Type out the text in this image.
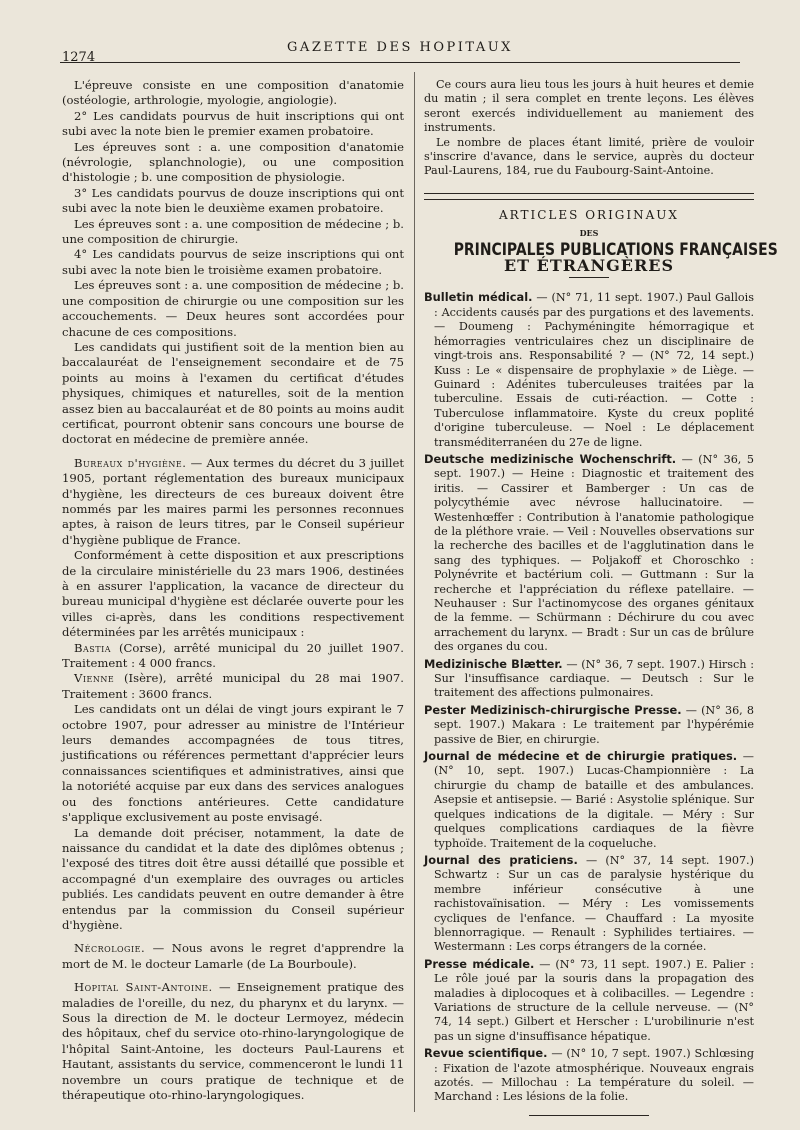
1274
GAZETTE DES HOPITAUX

L'épreuve consiste en une composition d'anatomie (ostéologie, arthrologie, myologie, angiologie).

2° Les candidats pourvus de huit inscriptions qui ont subi avec la note bien le premier examen probatoire.

Les épreuves sont : a. une composition d'anatomie (névrologie, splanchnologie), ou une composition d'histologie ; b. une composition de physiologie.

3° Les candidats pourvus de douze inscriptions qui ont subi avec la note bien le deuxième examen probatoire.

Les épreuves sont : a. une composition de médecine ; b. une composition de chirurgie.

4° Les candidats pourvus de seize inscriptions qui ont subi avec la note bien le troisième examen probatoire.

Les épreuves sont : a. une composition de médecine ; b. une composition de chirurgie ou une composition sur les accouchements. — Deux heures sont accordées pour chacune de ces compositions.

Les candidats qui justifient soit de la mention bien au baccalauréat de l'enseignement secondaire et de 75 points au moins à l'examen du certificat d'études physiques, chimiques et naturelles, soit de la mention assez bien au baccalauréat et de 80 points au moins audit certificat, pourront obtenir sans concours une bourse de doctorat en médecine de première année.

Bureaux d'hygiène. — Aux termes du décret du 3 juillet 1905, portant réglementation des bureaux municipaux d'hygiène, les directeurs de ces bureaux doivent être nommés par les maires parmi les personnes reconnues aptes, à raison de leurs titres, par le Conseil supérieur d'hygiène publique de France.

Conformément à cette disposition et aux prescriptions de la circulaire ministérielle du 23 mars 1906, destinées à en assurer l'application, la vacance de directeur du bureau municipal d'hygiène est déclarée ouverte pour les villes ci-après, dans les conditions respectivement déterminées par les arrêtés municipaux :

Bastia (Corse), arrêté municipal du 20 juillet 1907. Traitement : 4 000 francs.

Vienne (Isère), arrêté municipal du 28 mai 1907. Traitement : 3600 francs.

Les candidats ont un délai de vingt jours expirant le 7 octobre 1907, pour adresser au ministre de l'Intérieur leurs demandes accompagnées de tous titres, justifications ou références permettant d'apprécier leurs connaissances scientifiques et administratives, ainsi que la notoriété acquise par eux dans des services analogues ou des fonctions antérieures. Cette candidature s'applique exclusivement au poste envisagé.

La demande doit préciser, notamment, la date de naissance du candidat et la date des diplômes obtenus ; l'exposé des titres doit être aussi détaillé que possible et accompagné d'un exemplaire des ouvrages ou articles publiés. Les candidats peuvent en outre demander à être entendus par la commission du Conseil supérieur d'hygiène.

Nécrologie. — Nous avons le regret d'apprendre la mort de M. le docteur Lamarle (de La Bourboule).

Hopital Saint-Antoine. — Enseignement pratique des maladies de l'oreille, du nez, du pharynx et du larynx. — Sous la direction de M. le docteur Lermoyez, médecin des hôpitaux, chef du service oto-rhino-laryngologique de l'hôpital Saint-Antoine, les docteurs Paul-Laurens et Hautant, assistants du service, commenceront le lundi 11 novembre un cours pratique de technique et de thérapeutique oto-rhino-laryngologiques.

Ce cours aura lieu tous les jours à huit heures et demie du matin ; il sera complet en trente leçons. Les élèves seront exercés individuellement au maniement des instruments.

Le nombre de places étant limité, prière de vouloir s'inscrire d'avance, dans le service, auprès du docteur Paul-Laurens, 184, rue du Faubourg-Saint-Antoine.

ARTICLES ORIGINAUX
DES
PRINCIPALES PUBLICATIONS FRANÇAISES
ET ÉTRANGÈRES

Bulletin médical. — (N° 71, 11 sept. 1907.) Paul Gallois : Accidents causés par des purgations et des lavements. — Doumeng : Pachyméningite hémorragique et hémorragies ventriculaires chez un disciplinaire de vingt-trois ans. Responsabilité ? — (N° 72, 14 sept.) Kuss : Le « dispensaire de prophylaxie » de Liège. — Guinard : Adénites tuberculeuses traitées par la tuberculine. Essais de cuti-réaction. — Cotte : Tuberculose inflammatoire. Kyste du creux poplité d'origine tuberculeuse. — Noel : Le déplacement transméditerranéen du 27e de ligne.

Deutsche medizinische Wochenschrift. — (N° 36, 5 sept. 1907.) — Heine : Diagnostic et traitement des iritis. — Cassirer et Bamberger : Un cas de polycythémie avec névrose hallucinatoire. — Westenhœffer : Contribution à l'anatomie pathologique de la pléthore vraie. — Veil : Nouvelles observations sur la recherche des bacilles et de l'agglutination dans le sang des typhiques. — Poljakoff et Choroschko : Polynévrite et bactérium coli. — Guttmann : Sur la recherche et l'appréciation du réflexe patellaire. — Neuhauser : Sur l'actinomycose des organes génitaux de la femme. — Schürmann : Déchirure du cou avec arrachement du larynx. — Bradt : Sur un cas de brûlure des organes du cou.

Medizinische Blætter. — (N° 36, 7 sept. 1907.) Hirsch : Sur l'insuffisance cardiaque. — Deutsch : Sur le traitement des affections pulmonaires.

Pester Medizinisch-chirurgische Presse. — (N° 36, 8 sept. 1907.) Makara : Le traitement par l'hypérémie passive de Bier, en chirurgie.

Journal de médecine et de chirurgie pratiques. — (N° 10, sept. 1907.) Lucas-Championnière : La chirurgie du champ de bataille et des ambulances. Asepsie et antisepsie. — Barié : Asystolie splénique. Sur quelques indications de la digitale. — Méry : Sur quelques complications cardiaques de la fièvre typhoïde. Traitement de la coqueluche.

Journal des praticiens. — (N° 37, 14 sept. 1907.) Schwartz : Sur un cas de paralysie hystérique du membre inférieur consécutive à une rachistovaïnisation. — Méry : Les vomissements cycliques de l'enfance. — Chauffard : La myosite blennorragique. — Renault : Syphilides tertiaires. — Westermann : Les corps étrangers de la cornée.

Presse médicale. — (N° 73, 11 sept. 1907.) E. Palier : Le rôle joué par la souris dans la propagation des maladies à diplocoques et à colibacilles. — Legendre : Variations de structure de la cellule nerveuse. — (N° 74, 14 sept.) Gilbert et Herscher : L'urobilinurie n'est pas un signe d'insuffisance hépatique.

Revue scientifique. — (N° 10, 7 sept. 1907.) Schlœsing : Fixation de l'azote atmosphérique. Nouveaux engrais azotés. — Millochau : La température du soleil. — Marchand : Les lésions de la folie.
